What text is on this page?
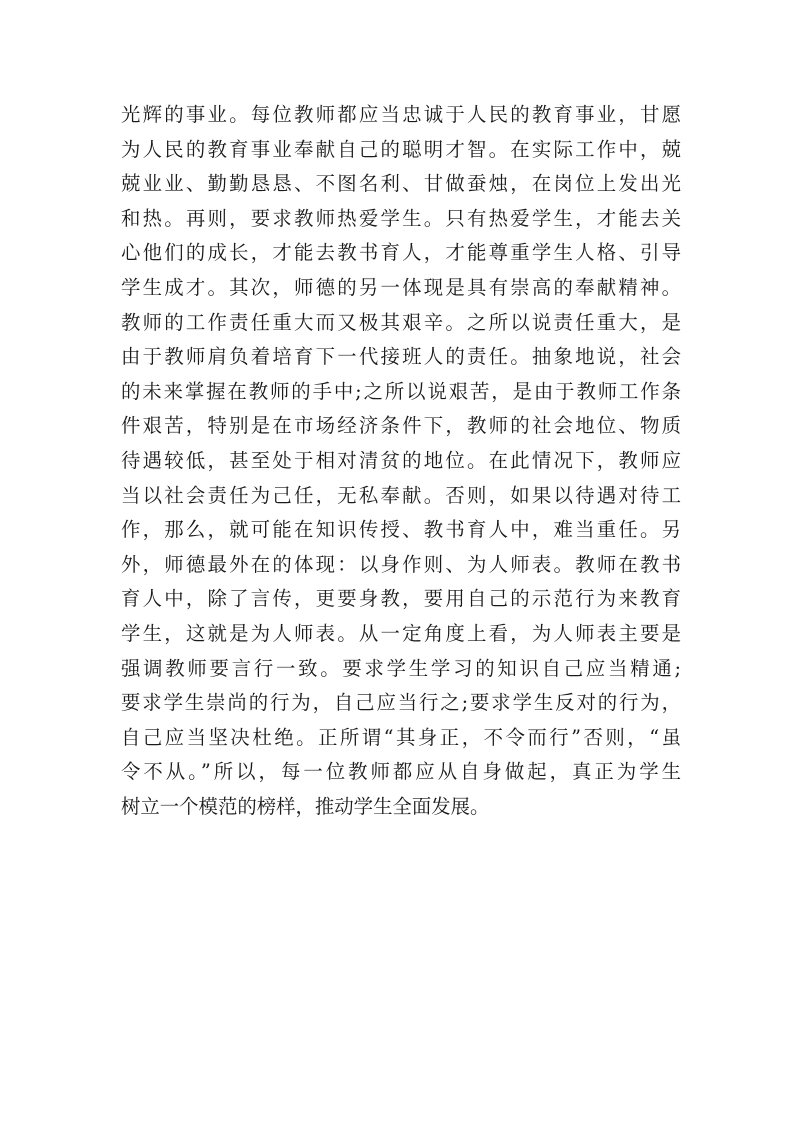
光辉的事业。每位教师都应当忠诚于人民的教育事业，甘愿
为人民的教育事业奉献自己的聪明才智。在实际工作中，兢
兢业业、勤勤恳恳、不图名利、甘做蚕烛，在岗位上发出光
和热。再则，要求教师热爱学生。只有热爱学生，才能去关
心他们的成长，才能去教书育人，才能尊重学生人格、引导
学生成才。其次，师德的另一体现是具有崇高的奉献精神。
教师的工作责任重大而又极其艰辛。之所以说责任重大，是
由于教师肩负着培育下一代接班人的责任。抽象地说，社会
的未来掌握在教师的手中;之所以说艰苦，是由于教师工作条
件艰苦，特别是在市场经济条件下，教师的社会地位、物质
待遇较低，甚至处于相对清贫的地位。在此情况下，教师应
当以社会责任为己任，无私奉献。否则，如果以待遇对待工
作，那么，就可能在知识传授、教书育人中，难当重任。另
外，师德最外在的体现：以身作则、为人师表。教师在教书
育人中，除了言传，更要身教，要用自己的示范行为来教育
学生，这就是为人师表。从一定角度上看，为人师表主要是
强调教师要言行一致。要求学生学习的知识自己应当精通;
要求学生崇尚的行为，自己应当行之;要求学生反对的行为，
自己应当坚决杜绝。正所谓“其身正，不令而行”否则，“虽
令不从。”所以，每一位教师都应从自身做起，真正为学生
树立一个模范的榜样，推动学生全面发展。
